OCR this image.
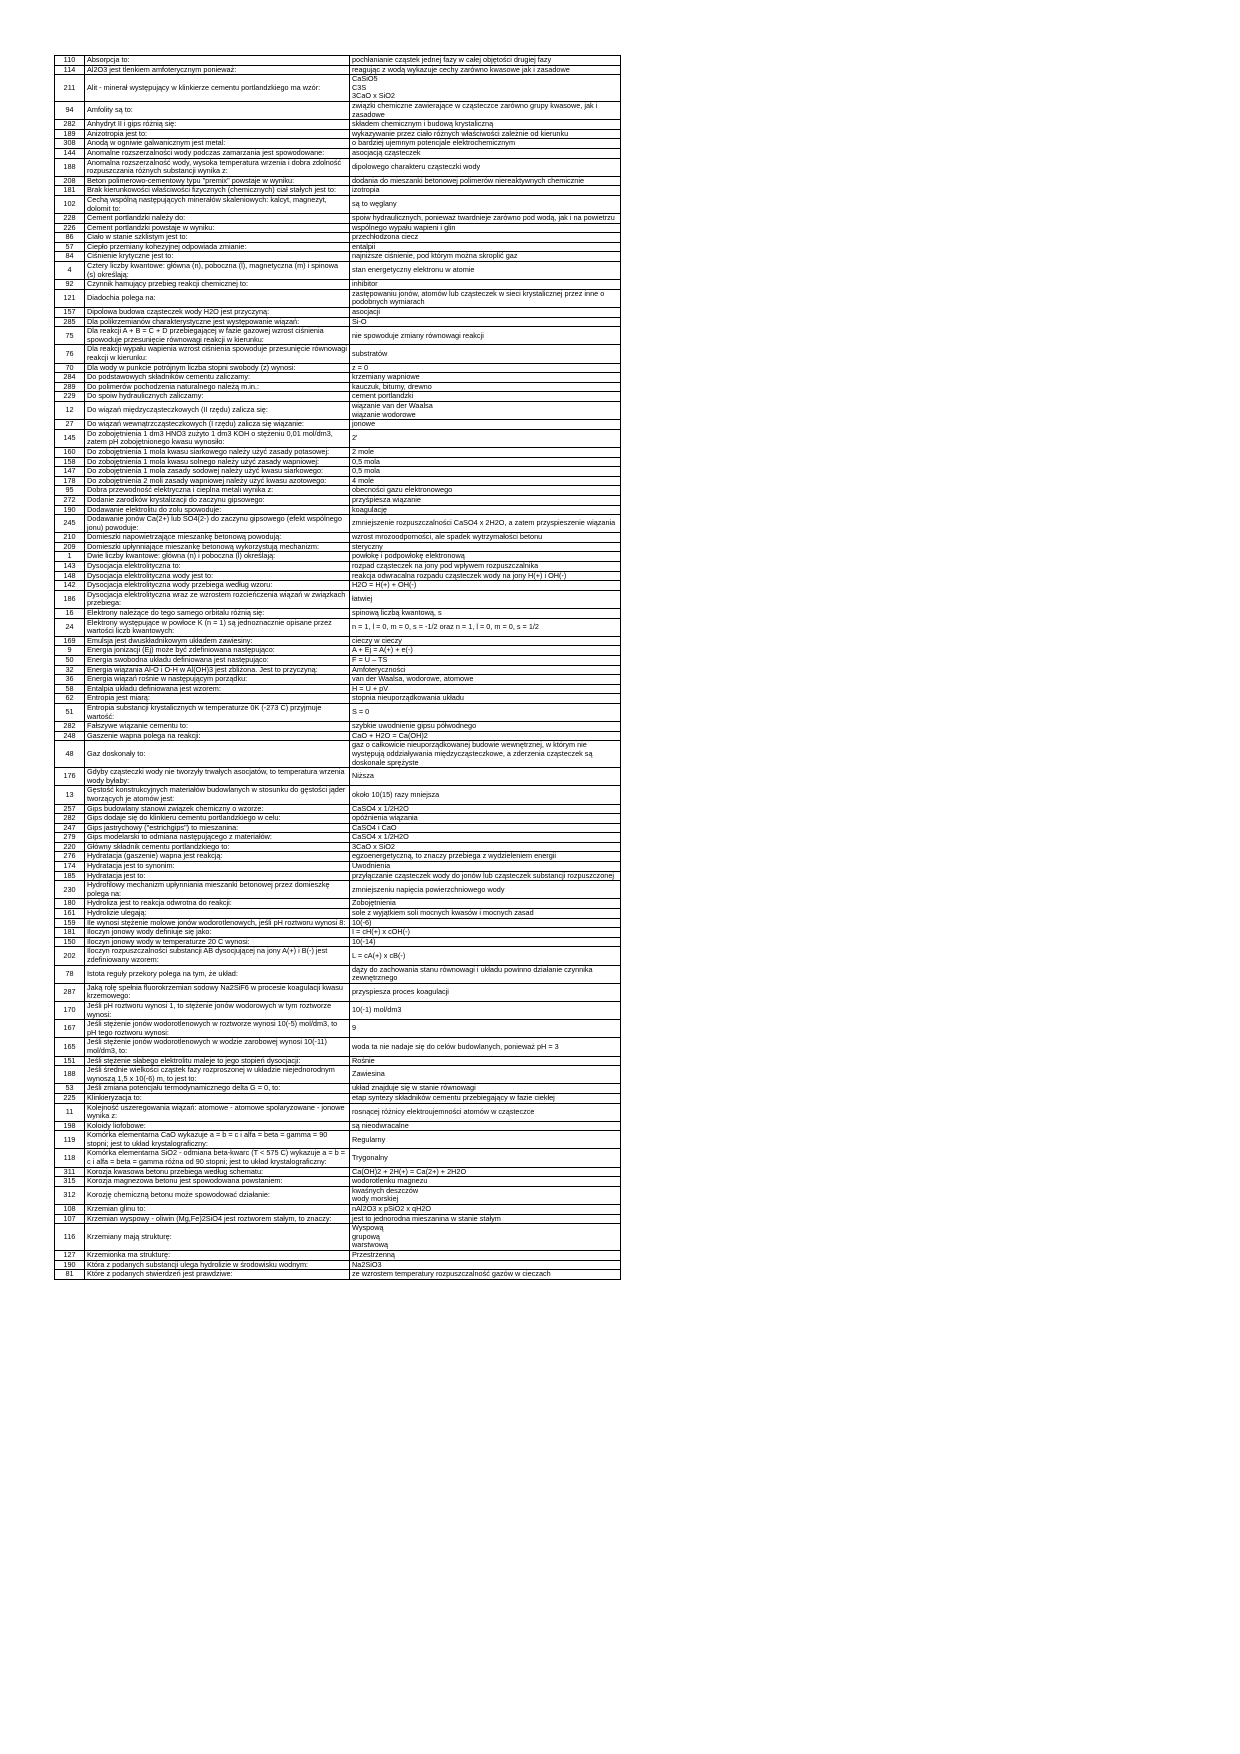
110	Absorpcja to:	pochłanianie cząstek jednej fazy w całej objętości drugiej fazy
114	Al2O3 jest tlenkiem amfoterycznym ponieważ:	reagując z wodą wykazuje cechy zarówno kwasowe jak i zasadowe
211	Alit - minerał występujący w klinkierze cementu portlandzkiego ma wzór:	CaSiO5
C3S
3CaO x SiO2
94	Amfolity są to:	związki chemiczne zawierające w cząsteczce zarówno grupy kwasowe, jak i zasadowe
282	Anhydryt II i gips różnią się:	składem chemicznym i budową krystaliczną
189	Anizotropia jest to:	wykazywanie przez ciało różnych właściwości zależnie od kierunku
308	Anodą w ogniwie galwanicznym jest metal:	o bardziej ujemnym potencjale elektrochemicznym
144	Anomalne rozszerzalności wody podczas zamarzania jest spowodowane:	asocjacją cząsteczek
188	Anomalna rozszerzalność wody, wysoka temperatura wrzenia i dobra zdolność rozpuszczania różnych substancji wynika z:	dipolowego charakteru cząsteczki wody
208	Beton polimerowo-cementowy typu "premix" powstaje w wyniku:	dodania do mieszanki betonowej polimerów niereaktywnych chemicznie
181	Brak kierunkowości właściwości fizycznych (chemicznych) ciał stałych jest to:	izotropia
102	Cechą wspólną następujących minerałów skaleniowych: kalcyt, magnezyt, dolomit to:	są to węglany
228	Cement portlandzki należy do:	spoiw hydraulicznych, ponieważ twardnieje zarówno pod wodą, jak i na powietrzu
226	Cement portlandzki powstaje w wyniku:	wspólnego wypału wapieni i glin
86	Ciało w stanie szklistym jest to:	przechłodzona ciecz
57	Ciepło przemiany kohezyjnej odpowiada zmianie:	entalpii
84	Ciśnienie krytyczne jest to:	najniższe ciśnienie, pod którym można skroplić gaz
4	Cztery liczby kwantowe: główna (n), poboczna (l), magnetyczna (m) i spinowa (s) określają:	stan energetyczny elektronu w atomie
92	Czynnik hamujący przebieg reakcji chemicznej to:	inhibitor
121	Diadochia polega na:	zastępowaniu jonów, atomów lub cząsteczek w sieci krystalicznej przez inne o podobnych wymiarach
157	Dipolowa budowa cząsteczek wody H2O jest przyczyną:	asocjacji
285	Dla polikrzemianów charakterystyczne jest występowanie wiązań:	Si-O
75	Dla reakcji A + B = C + D przebiegającej w fazie gazowej wzrost ciśnienia spowoduje przesunięcie równowagi reakcji w kierunku:	nie spowoduje zmiany równowagi reakcji
76	Dla reakcji wypału wapienia wzrost ciśnienia spowoduje przesunięcie równowagi reakcji w kierunku:	substratów
70	Dla wody w punkcie potrójnym liczba stopni swobody (z) wynosi:	z = 0
284	Do podstawowych składników cementu zaliczamy:	krzemiany wapniowe
289	Do polimerów pochodzenia naturalnego należą m.in.:	kauczuk, bitumy, drewno
229	Do spoiw hydraulicznych zaliczamy:	cement portlandzki
12	Do wiązań międzycząsteczkowych (II rzędu) zalicza się:	wiązanie van der Waalsa
wiązanie wodorowe
27	Do wiązań wewnątrzcząsteczkowych (I rzędu) zalicza się wiązanie:	jonowe
145	Do zobojętnienia 1 dm3 HNO3 zużyto 1 dm3 KOH o stężeniu 0,01 mol/dm3, zatem pH zobojętnionego kwasu wynosiło:	2'
160	Do zobojętnienia 1 mola kwasu siarkowego należy użyć zasady potasowej:	2 mole
158	Do zobojętnienia 1 mola kwasu solnego należy użyć zasady wapniowej:	0,5 mola
147	Do zobojętnienia 1 mola zasady sodowej należy użyć kwasu siarkowego:	0,5 mola
178	Do zobojętnienia 2 moli zasady wapniowej należy użyć kwasu azotowego:	4 mole
95	Dobra przewodność elektryczna i cieplna metali wynika z:	obecności gazu elektronowego
272	Dodanie zarodków krystalizacji do zaczynu gipsowego:	przyśpiesza wiązanie
190	Dodawanie elektrolitu do zolu spowoduje:	koagulację
245	Dodawanie jonów Ca(2+) lub SO4(2-) do zaczynu gipsowego (efekt wspólnego jonu) powoduje:	zmniejszenie rozpuszczalności CaSO4 x 2H2O, a zatem przyspieszenie wiązania
210	Domieszki napowietrzające mieszankę betonową powodują:	wzrost mrozoodporności, ale spadek wytrzymałości betonu
209	Domieszki upłynniające mieszankę betonową wykorzystują mechanizm:	steryczny
1	Dwie liczby kwantowe: główna (n) i poboczna (l) określają:	powłokę i podpowłokę elektronową
143	Dysocjacja elektrolityczna to:	rozpad cząsteczek na jony pod wpływem rozpuszczalnika
148	Dysocjacja elektrolityczna wody jest to:	reakcja odwracalna rozpadu cząsteczek wody na jony H(+) i OH(-)
142	Dysocjacja elektrolityczna wody przebiega według wzoru:	H2O = H(+) + OH(-)
186	Dysocjacja elektrolityczna wraz ze wzrostem rozcieńczenia wiązań w związkach przebiega:	łatwiej
16	Elektrony należące do tego samego orbitalu różnią się:	spinową liczbą kwantową, s
24	Elektrony występujące w powłoce K (n = 1) są jednoznacznie opisane przez wartości liczb kwantowych:	n = 1, l = 0, m = 0, s = -1/2 oraz n = 1, l = 0, m = 0, s = 1/2
169	Emulsja jest dwuskładnikowym układem zawiesiny:	cieczy w cieczy
9	Energia jonizacji (Ej) może być zdefiniowana następująco:	A + Ej = A(+) + e(-)
50	Energia swobodna układu definiowana jest następująco:	F = U – TS
32	Energia wiązania Al-O i O-H w Al(OH)3 jest zbliżona. Jest to przyczyną:	Amfoteryczności
36	Energia wiązań rośnie w następującym porządku:	van der Waalsa, wodorowe, atomowe
58	Entalpia układu definiowana jest wzorem:	H = U + pV
62	Entropia jest miarą:	stopnia nieuporządkowania układu
51	Entropia substancji krystalicznych w temperaturze 0K (-273 C) przyjmuje wartość:	S = 0
282	Fałszywe wiązanie cementu to:	szybkie uwodnienie gipsu półwodnego
248	Gaszenie wapna polega na reakcji:	CaO + H2O = Ca(OH)2
48	Gaz doskonały to:	gaz o całkowicie nieuporządkowanej budowie wewnętrznej, w którym nie występują oddziaływania międzycząsteczkowe, a zderzenia cząsteczek są doskonale sprężyste
176	Gdyby cząsteczki wody nie tworzyły trwałych asocjatów, to temperatura wrzenia wody byłaby:	Niższa
13	Gęstość konstrukcyjnych materiałów budowlanych w stosunku do gęstości jąder tworzących je atomów jest:	około 10(15) razy mniejsza
257	Gips budowlany stanowi związek chemiczny o wzorze:	CaSO4 x 1/2H2O
282	Gips dodaje się do klinkieru cementu portlandzkiego w celu:	opóźnienia wiązania
247	Gips jastrychowy ("estrichgips") to mieszanina:	CaSO4 i CaO
279	Gips modelarski to odmiana następującego z materiałów:	CaSO4 x 1/2H2O
220	Główny składnik cementu portlandzkiego to:	3CaO x SiO2
276	Hydratacja (gaszenie) wapna jest reakcją:	egzoenergetyczną, to znaczy przebiega z wydzieleniem energii
174	Hydratacja jest to synonim:	Uwodnienia
185	Hydratacja jest to:	przyłączanie cząsteczek wody do jonów lub cząsteczek substancji rozpuszczonej
230	Hydrofilowy mechanizm upłynniania mieszanki betonowej przez domieszkę polega na:	zmniejszeniu napięcia powierzchniowego wody
180	Hydroliza jest to reakcja odwrotna do reakcji:	Zobojętnienia
161	Hydrolizie ulegają:	sole z wyjątkiem soli mocnych kwasów i mocnych zasad
159	Ile wynosi stężenie molowe jonów wodorotlenowych, jeśli pH roztworu wynosi 8:	10(-6)
181	Iloczyn jonowy wody definiuje się jako:	I = cH(+) x cOH(-)
150	Iloczyn jonowy wody w temperaturze 20 C wynosi:	10(-14)
202	Iloczyn rozpuszczalności substancji AB dysocjującej na jony A(+) i B(-) jest zdefiniowany wzorem:	L = cA(+) x cB(-)
78	Istota reguły przekory polega na tym, że układ:	dąży do zachowania stanu równowagi i układu powinno działanie czynnika zewnętrznego
287	Jaką rolę spełnia fluorokrzemian sodowy Na2SiF6 w procesie koagulacji kwasu krzemowego:	przyspiesza proces koagulacji
170	Jeśli pH roztworu wynosi 1, to stężenie jonów wodorowych w tym roztworze wynosi:	10(-1) mol/dm3
167	Jeśli stężenie jonów wodorotlenowych w roztworze wynosi 10(-5) mol/dm3, to pH tego roztworu wynosi:	9
165	Jeśli stężenie jonów wodorotlenowych w wodzie zarobowej wynosi 10(-11) mol/dm3, to:	woda ta nie nadaje się do celów budowlanych, ponieważ pH = 3
151	Jeśli stężenie słabego elektrolitu maleje to jego stopień dysocjacji:	Rośnie
188	Jeśli średnie wielkości cząstek fazy rozproszonej w układzie niejednorodnym wynoszą 1,5 x 10(-6) m, to jest to:	Zawiesina
53	Jeśli zmiana potencjału termodynamicznego delta G = 0, to:	układ znajduje się w stanie równowagi
225	Klinkieryzacja to:	etap syntezy składników cementu przebiegający w fazie ciekłej
11	Kolejność uszeregowania wiązań: atomowe - atomowe spolaryzowane - jonowe wynika z:	rosnącej różnicy elektroujemności atomów w cząsteczce
198	Koloidy liofobowe:	są nieodwracalne
119	Komórka elementarna CaO wykazuje a = b = c i alfa = beta = gamma = 90 stopni; jest to układ krystalograficzny:	Regularny
118	Komórka elementarna SiO2 - odmiana beta-kwarc (T < 575 C) wykazuje a = b = c i alfa = beta = gamma różna od 90 stopni; jest to układ krystalograficzny:	Trygonalny
311	Korozja kwasowa betonu przebiega według schematu:	Ca(OH)2 + 2H(+) = Ca(2+) + 2H2O
315	Korozja magnezowa betonu jest spowodowana powstaniem:	wodorotlenku magnezu
312	Korozję chemiczną betonu może spowodować działanie:	kwaśnych deszczów
wody morskiej
108	Krzemian glinu to:	nAl2O3 x pSiO2 x qH2O
107	Krzemian wyspowy - oliwin (Mg,Fe)2SiO4 jest roztworem stałym, to znaczy:	jest to jednorodna mieszanina w stanie stałym
116	Krzemiany mają strukturę:	Wyspową
grupową
warstwową
127	Krzemionka ma strukturę:	Przestrzenną
190	Która z podanych substancji ulega hydrolizie w środowisku wodnym:	Na2SiO3
81	Które z podanych stwierdzeń jest prawdziwe:	ze wzrostem temperatury rozpuszczalność gazów w cieczach
